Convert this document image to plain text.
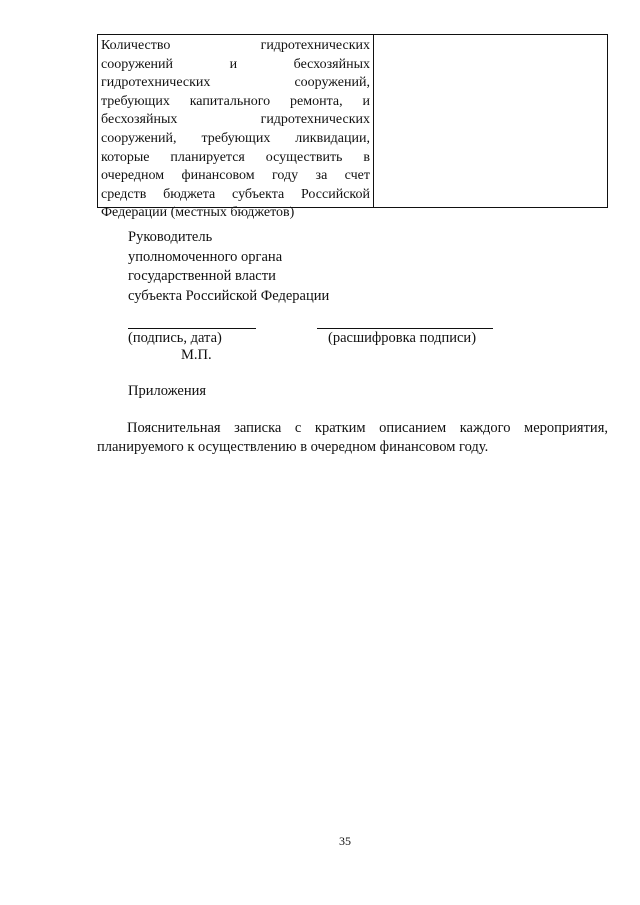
Количество гидротехнических
сооружений и бесхозяйных
гидротехнических сооружений,
требующих капитального ремонта, и
бесхозяйных гидротехнических
сооружений, требующих ликвидации,
которые планируется осуществить в
очередном финансовом году за счет
средств бюджета субъекта Российской
Федерации (местных бюджетов)
Руководитель
уполномоченного органа
государственной власти
субъекта Российской Федерации
(подпись, дата)	(расшифровка подписи)
М.П.
Приложения
Пояснительная записка с кратким описанием каждого мероприятия, планируемого к осуществлению в очередном финансовом году.
35
